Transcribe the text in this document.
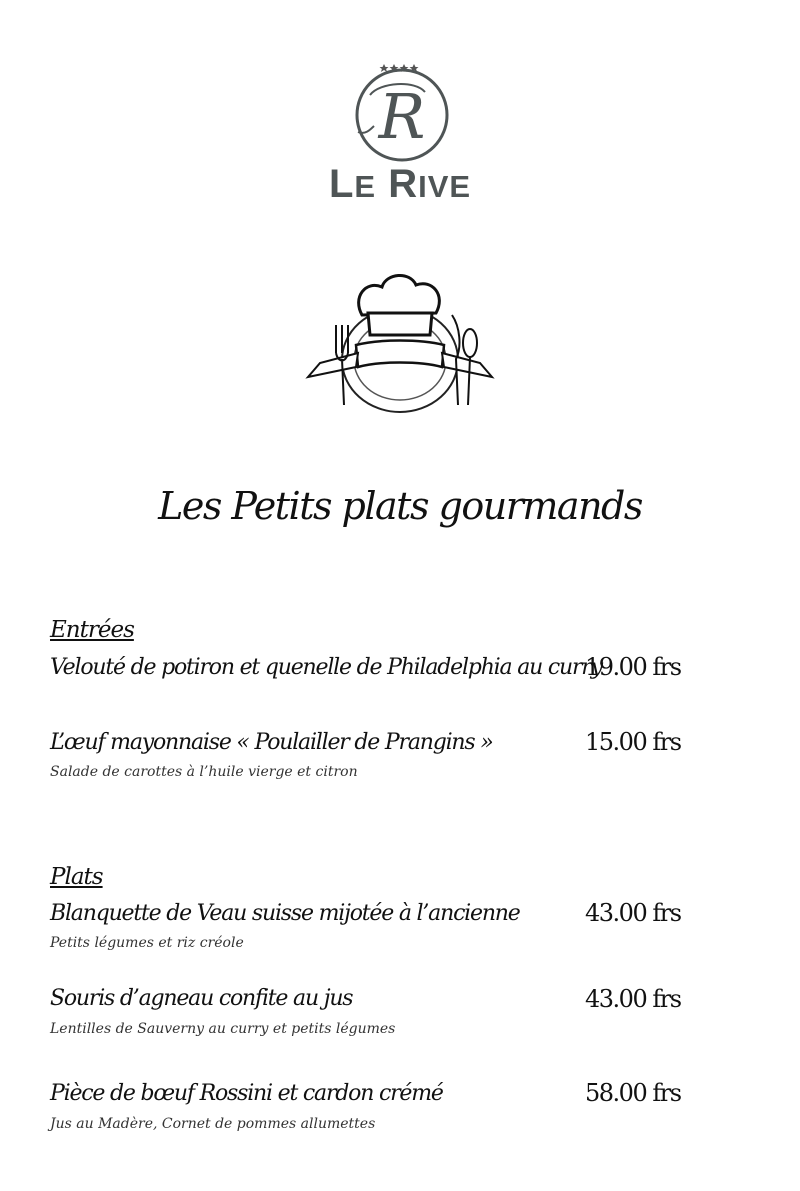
R
LE RIVE
Les Petits plats gourmands
Entrées
Velouté de potiron et quenelle de Philadelphia au curry
19.00 frs
L’œuf mayonnaise « Poulailler de Prangins »	15.00 frs
Salade de carottes à l’huile vierge et citron
Plats
Blanquette de Veau suisse mijotée à l’ancienne	43.00 frs
Petits légumes et riz créole
Souris d’agneau confite au jus	43.00 frs
Lentilles de Sauverny au curry et petits légumes
Pièce de bœuf Rossini et cardon crémé	58.00 frs
Jus au Madère, Cornet de pommes allumettes
